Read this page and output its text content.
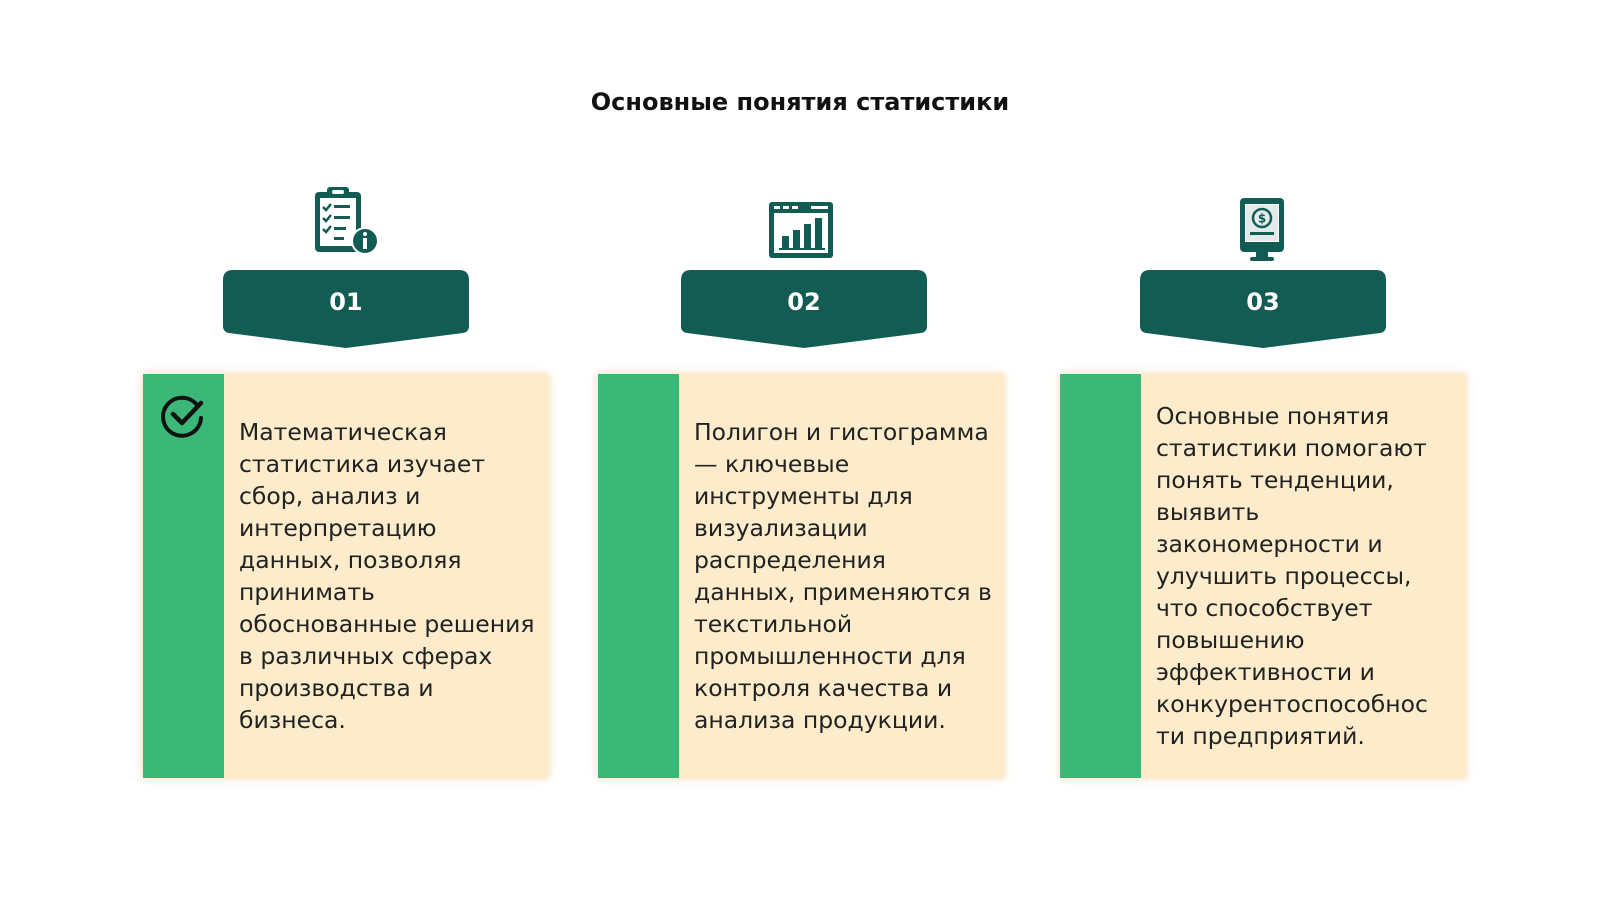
Основные понятия статистики
01
Математическая статистика изучает сбор, анализ и интерпретацию данных, позволяя принимать обоснованные решения в различных сферах производства и бизнеса.
02
Полигон и гистограмма — ключевые инструменты для визуализации распределения данных, применяются в текстильной промышленности для контроля качества и анализа продукции.
$
03
Основные понятия статистики помогают понять тенденции, выявить закономерности и улучшить процессы, что способствует повышению эффективности и конкурентоспособнос ти предприятий.
